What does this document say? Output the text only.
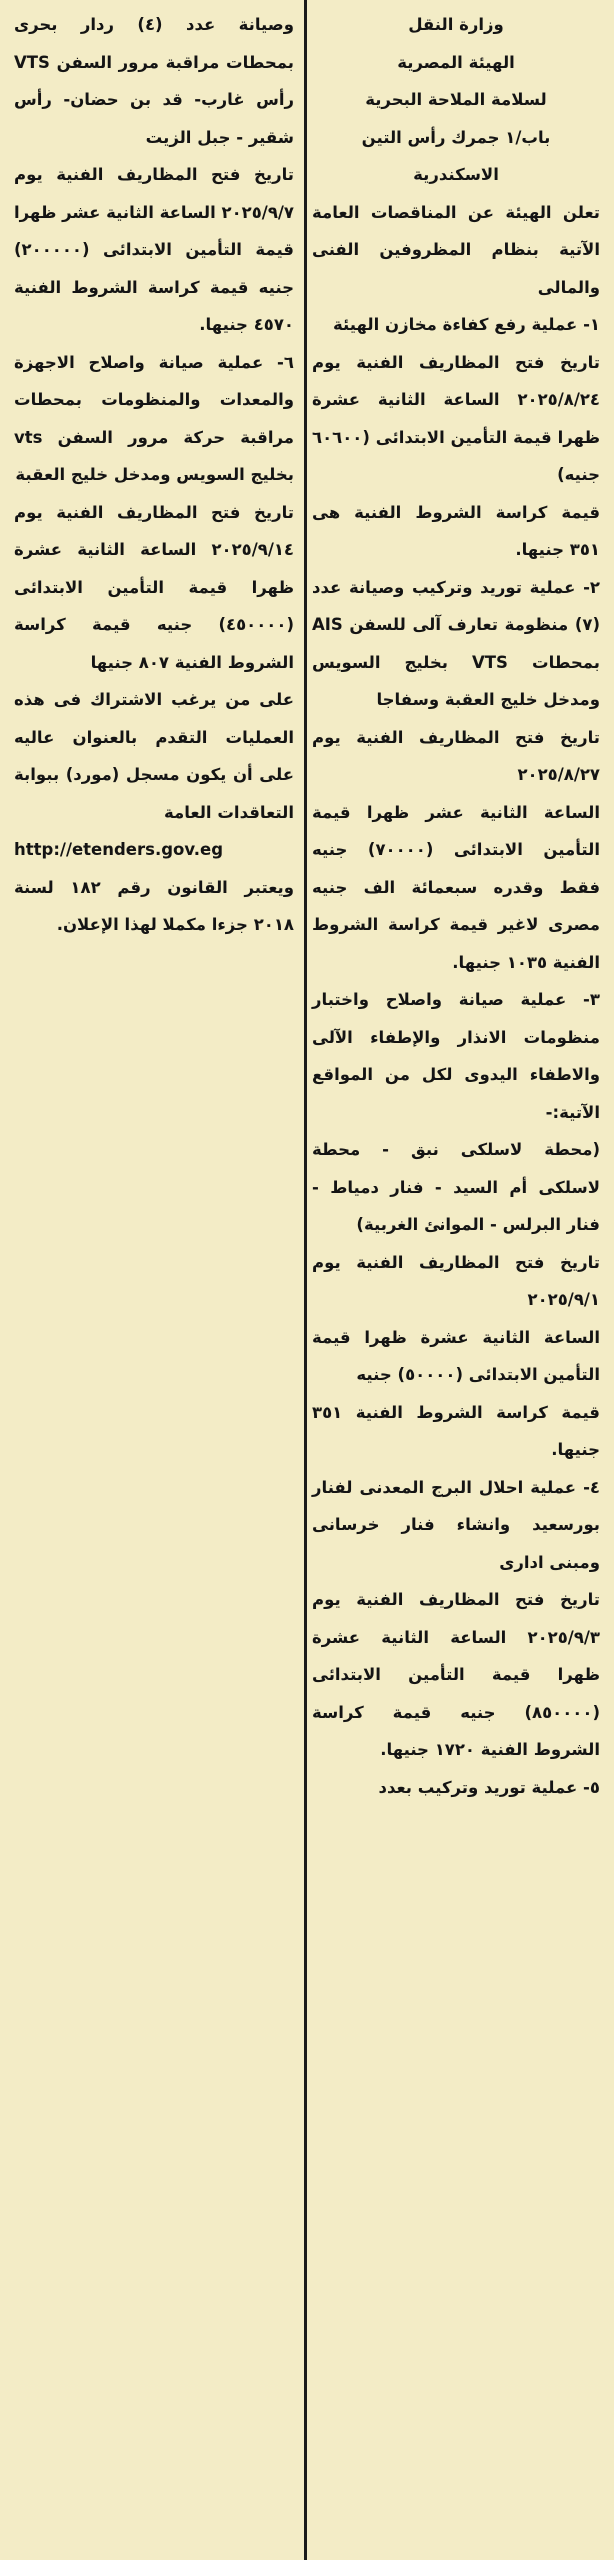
وزارة النقل
الهيئة المصرية
لسلامة الملاحة البحرية
باب/١ جمرك رأس التين
الاسكندرية

تعلن الهيئة عن المناقصات العامة الآتية بنظام المظروفين الفنى والمالى

١- عملية رفع كفاءة مخازن الهيئة

تاريخ فتح المظاريف الفنية يوم ٢٠٢٥/٨/٢٤ الساعة الثانية عشرة ظهرا قيمة التأمين الابتدائى (٦٠٦٠٠ جنيه)

قيمة كراسة الشروط الفنية هى ٣٥١ جنيها.

٢- عملية توريد وتركيب وصيانة عدد (٧) منظومة تعارف آلى للسفن AIS بمحطات VTS بخليج السويس ومدخل خليج العقبة وسفاجا

تاريخ فتح المظاريف الفنية يوم ٢٠٢٥/٨/٢٧

الساعة الثانية عشر ظهرا قيمة التأمين الابتدائى (٧٠٠٠٠) جنيه فقط وقدره سبعمائة الف جنيه مصرى لاغير قيمة كراسة الشروط الفنية ١٠٣٥ جنيها.

٣- عملية صيانة واصلاح واختبار منظومات الانذار والإطفاء الآلى والاطفاء اليدوى لكل من المواقع الآتية:-

(محطة لاسلكى نبق - محطة لاسلكى أم السيد - فنار دمياط - فنار البرلس - الموانئ الغربية)

تاريخ فتح المظاريف الفنية يوم ٢٠٢٥/٩/١

الساعة الثانية عشرة ظهرا قيمة التأمين الابتدائى (٥٠٠٠٠) جنيه

قيمة كراسة الشروط الفنية ٣٥١ جنيها.

٤- عملية احلال البرج المعدنى لفنار بورسعيد وانشاء فنار خرسانى ومبنى ادارى

تاريخ فتح المظاريف الفنية يوم ٢٠٢٥/٩/٣ الساعة الثانية عشرة ظهرا قيمة التأمين الابتدائى (٨٥٠٠٠٠) جنيه قيمة كراسة الشروط الفنية ١٧٢٠ جنيها.

٥- عملية توريد وتركيب بعدد

وصيانة عدد (٤) ردار بحرى بمحطات مراقبة مرور السفن VTS رأس غارب- قد بن حضان- رأس شقير - جبل الزيت

تاريخ فتح المظاريف الفنية يوم ٢٠٢٥/٩/٧ الساعة الثانية عشر ظهرا قيمة التأمين الابتدائى (٢٠٠٠٠٠) جنيه قيمة كراسة الشروط الفنية ٤٥٧٠ جنيها.

٦- عملية صيانة واصلاح الاجهزة والمعدات والمنظومات بمحطات مراقبة حركة مرور السفن vts بخليج السويس ومدخل خليج العقبة

تاريخ فتح المظاريف الفنية يوم ٢٠٢٥/٩/١٤ الساعة الثانية عشرة ظهرا قيمة التأمين الابتدائى (٤٥٠٠٠٠) جنيه قيمة كراسة الشروط الفنية ٨٠٧ جنيها

على من يرغب الاشتراك فى هذه العمليات التقدم بالعنوان عاليه على أن يكون مسجل (مورد) ببوابة التعاقدات العامة

http://etenders.gov.eg

ويعتبر القانون رقم ١٨٢ لسنة ٢٠١٨ جزءا مكملا لهذا الإعلان.
